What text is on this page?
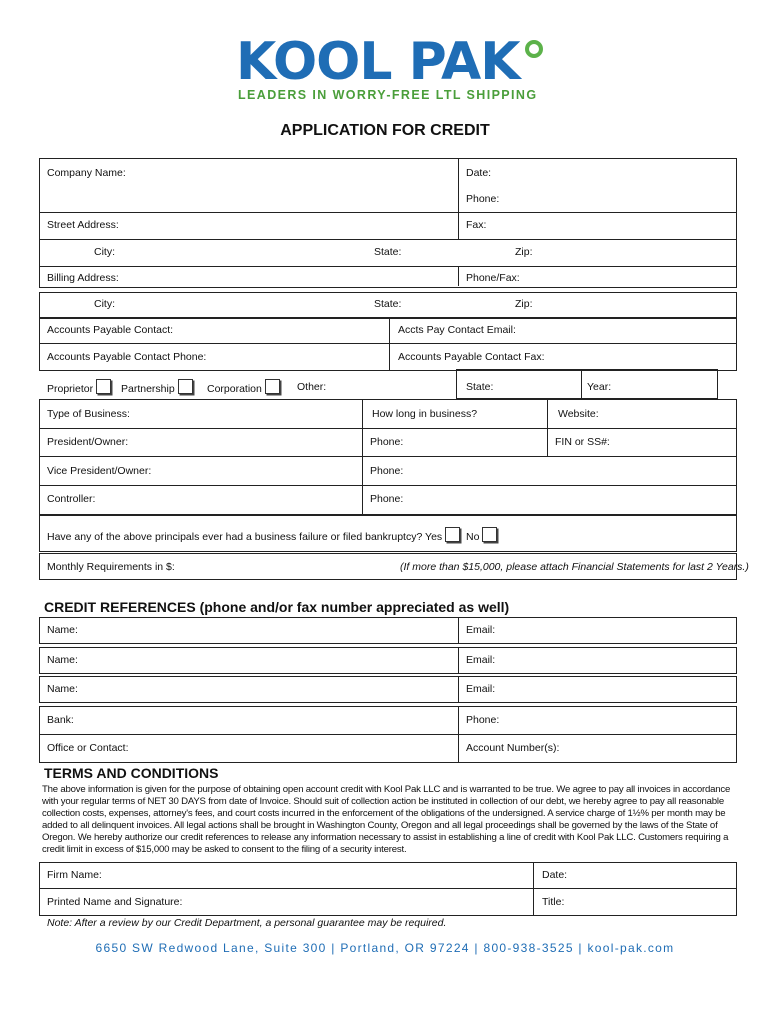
KOOL PAK
LEADERS IN WORRY-FREE LTL SHIPPING
APPLICATION FOR CREDIT
Company Name:	Date:
Phone:
Street Address:	Fax:
City:	State:	Zip:
Billing Address:	Phone/Fax:
City:	State:	Zip:
Accounts Payable Contact:	Accts Pay Contact Email:
Accounts Payable Contact Phone:	Accounts Payable Contact Fax:
Proprietor	Partnership	Corporation	Other:	State:	Year:
Type of Business:	How long in business?	Website:
President/Owner:	Phone:	FIN or SS#:
Vice President/Owner:	Phone:
Controller:	Phone:
Have any of the above principals ever had a business failure or filed bankruptcy? Yes No
Monthly Requirements in $:	(If more than $15,000, please attach Financial Statements for last 2 Years.)
CREDIT REFERENCES (phone and/or fax number appreciated as well)
Name:	Email:
Name:	Email:
Name:	Email:
Bank:	Phone:
Office or Contact:	Account Number(s):
TERMS AND CONDITIONS
The above information is given for the purpose of obtaining open account credit with Kool Pak LLC and is warranted to be true. We agree to pay all invoices in accordance with your regular terms of NET 30 DAYS from date of Invoice. Should suit of collection action be instituted in collection of our debt, we hereby agree to pay all reasonable collection costs, expenses, attorney's fees, and court costs incurred in the enforcement of the obligations of the undersigned. A service charge of 1½% per month may be added to all delinquent invoices. All legal actions shall be brought in Washington County, Oregon and all legal proceedings shall be governed by the laws of the State of Oregon. We hereby authorize our credit references to release any information necessary to assist in establishing a line of credit with Kool Pak LLC. Customers requiring a credit limit in excess of $15,000 may be asked to consent to the filing of a security interest.
Firm Name:	Date:
Printed Name and Signature:	Title:
Note: After a review by our Credit Department, a personal guarantee may be required.
6650 SW Redwood Lane, Suite 300 | Portland, OR 97224 | 800-938-3525 | kool-pak.com
